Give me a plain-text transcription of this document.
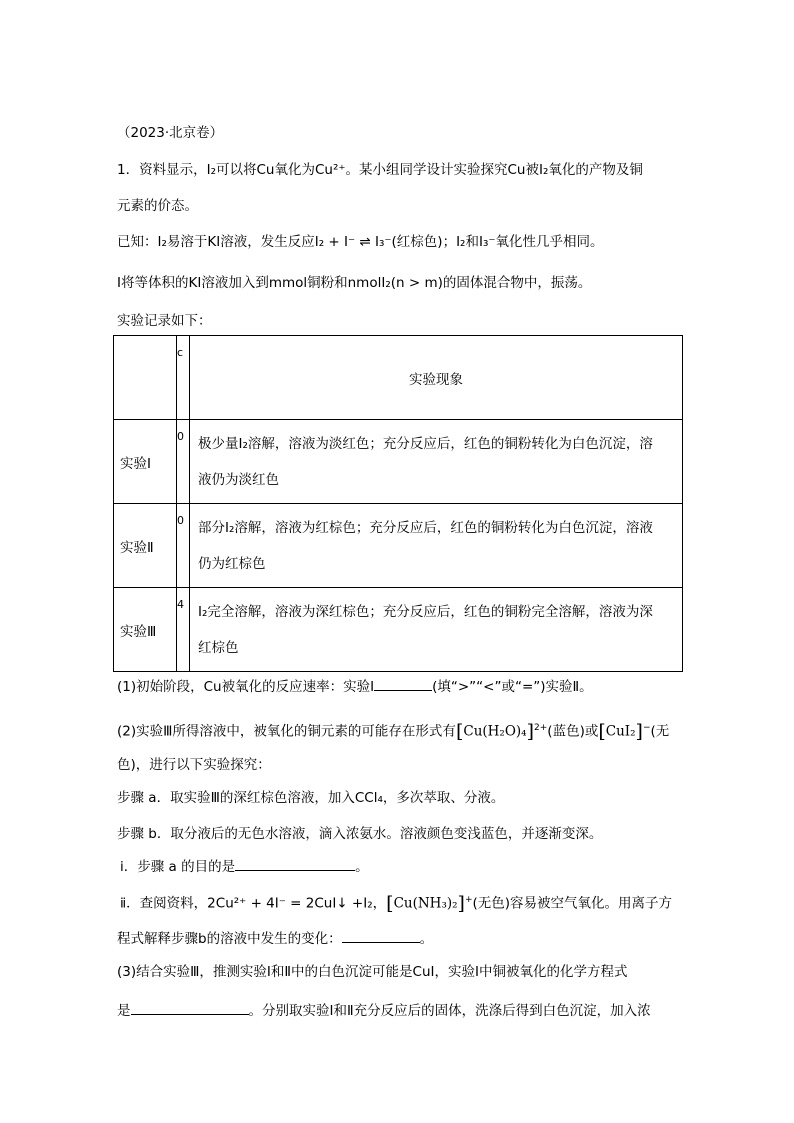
（2023·北京卷）
1．资料显示，I₂可以将Cu氧化为Cu²⁺。某小组同学设计实验探究Cu被I₂氧化的产物及铜
元素的价态。
已知：I₂易溶于KI溶液，发生反应I₂ + I⁻ ⇌ I₃⁻(红棕色)；I₂和I₃⁻氧化性几乎相同。
I将等体积的KI溶液加入到mmol铜粉和nmolI₂(n > m)的固体混合物中，振荡。
实验记录如下：
	c	实验现象
实验Ⅰ	0	极少量I₂溶解，溶液为淡红色；充分反应后，红色的铜粉转化为白色沉淀，溶
液仍为淡红色

实验Ⅱ	0	部分I₂溶解，溶液为红棕色；充分反应后，红色的铜粉转化为白色沉淀，溶液
仍为红棕色

实验Ⅲ	4	I₂完全溶解，溶液为深红棕色；充分反应后，红色的铜粉完全溶解，溶液为深
红棕色
(1)初始阶段，Cu被氧化的反应速率：实验Ⅰ	(填“>”“<”或“=”)实验Ⅱ。
(2)实验Ⅲ所得溶液中，被氧化的铜元素的可能存在形式有$[Cu(H_2O)_4]^{2+}$(蓝色)或[CuI₂]−(无
色)，进行以下实验探究：
步骤 a．取实验Ⅲ的深红棕色溶液，加入CCl₄，多次萃取、分液。
步骤 b．取分液后的无色水溶液，滴入浓氨水。溶液颜色变浅蓝色，并逐渐变深。
ⅰ．步骤 a 的目的是	。
ⅱ．查阅资料，2Cu²⁺ + 4I⁻ = 2CuI↓ +I₂，[Cu(NH₃)₂]+(无色)容易被空气氧化。用离子方
程式解释步骤b的溶液中发生的变化：	。
(3)结合实验Ⅲ，推测实验Ⅰ和Ⅱ中的白色沉淀可能是CuI，实验Ⅰ中铜被氧化的化学方程式
是	。分别取实验Ⅰ和Ⅱ充分反应后的固体，洗涤后得到白色沉淀，加入浓
